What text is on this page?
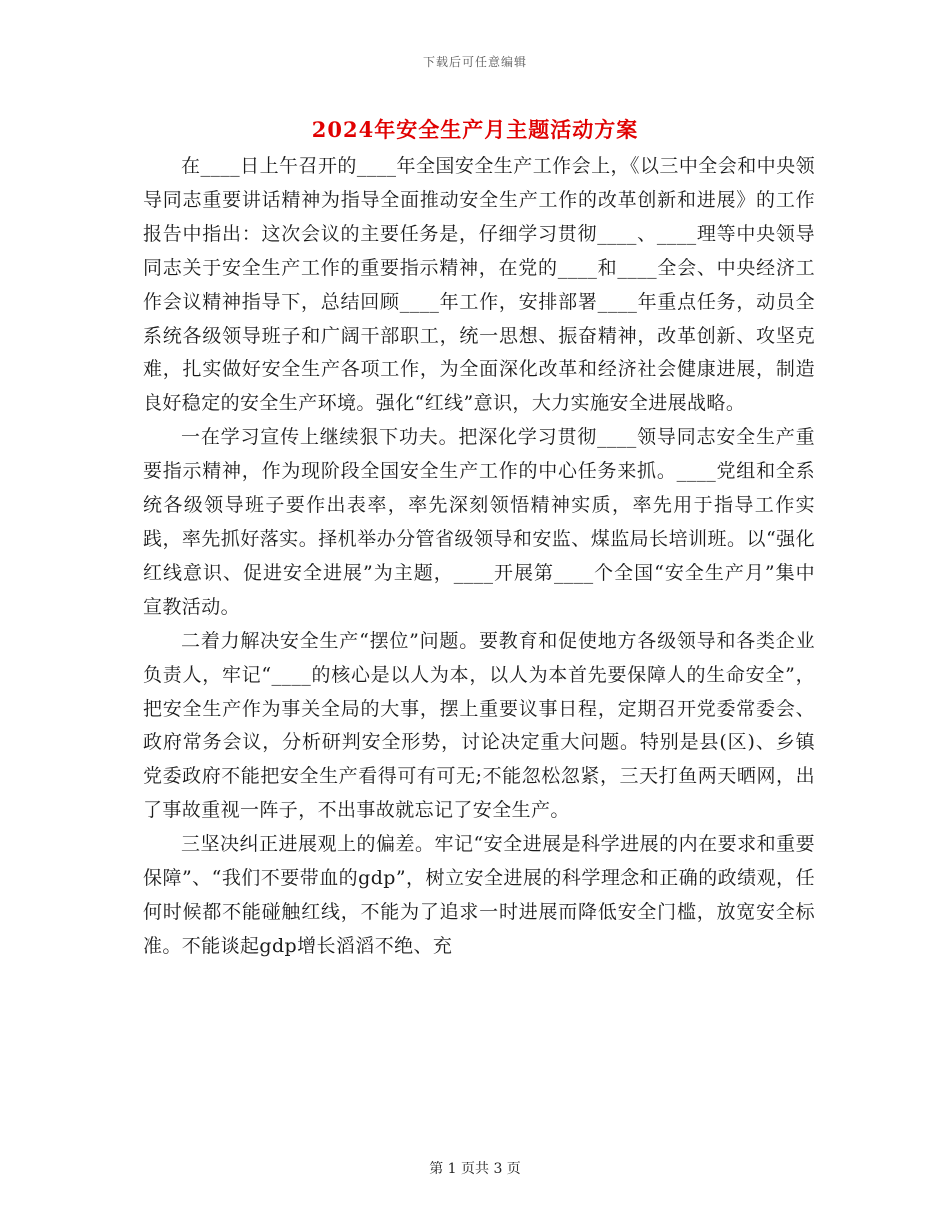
下载后可任意编辑
2024年安全生产月主题活动方案

在____日上午召开的____年全国安全生产工作会上，《以三中全会和中央领导同志重要讲话精神为指导全面推动安全生产工作的改革创新和进展》的工作报告中指出：这次会议的主要任务是，仔细学习贯彻____、____理等中央领导同志关于安全生产工作的重要指示精神，在党的____和____全会、中央经济工作会议精神指导下，总结回顾____年工作，安排部署____年重点任务，动员全系统各级领导班子和广阔干部职工，统一思想、振奋精神，改革创新、攻坚克难，扎实做好安全生产各项工作，为全面深化改革和经济社会健康进展，制造良好稳定的安全生产环境。强化“红线”意识，大力实施安全进展战略。

一在学习宣传上继续狠下功夫。把深化学习贯彻____领导同志安全生产重要指示精神，作为现阶段全国安全生产工作的中心任务来抓。____党组和全系统各级领导班子要作出表率，率先深刻领悟精神实质，率先用于指导工作实践，率先抓好落实。择机举办分管省级领导和安监、煤监局长培训班。以“强化红线意识、促进安全进展”为主题，____开展第____个全国“安全生产月”集中宣教活动。

二着力解决安全生产“摆位”问题。要教育和促使地方各级领导和各类企业负责人，牢记“____的核心是以人为本，以人为本首先要保障人的生命安全”，把安全生产作为事关全局的大事，摆上重要议事日程，定期召开党委常委会、政府常务会议，分析研判安全形势，讨论决定重大问题。特别是县(区)、乡镇党委政府不能把安全生产看得可有可无;不能忽松忽紧，三天打鱼两天晒网，出了事故重视一阵子，不出事故就忘记了安全生产。

三坚决纠正进展观上的偏差。牢记“安全进展是科学进展的内在要求和重要保障”、“我们不要带血的gdp”，树立安全进展的科学理念和正确的政绩观，任何时候都不能碰触红线，不能为了追求一时进展而降低安全门槛，放宽安全标准。不能谈起gdp增长滔滔不绝、充

第 1 页共 3 页
